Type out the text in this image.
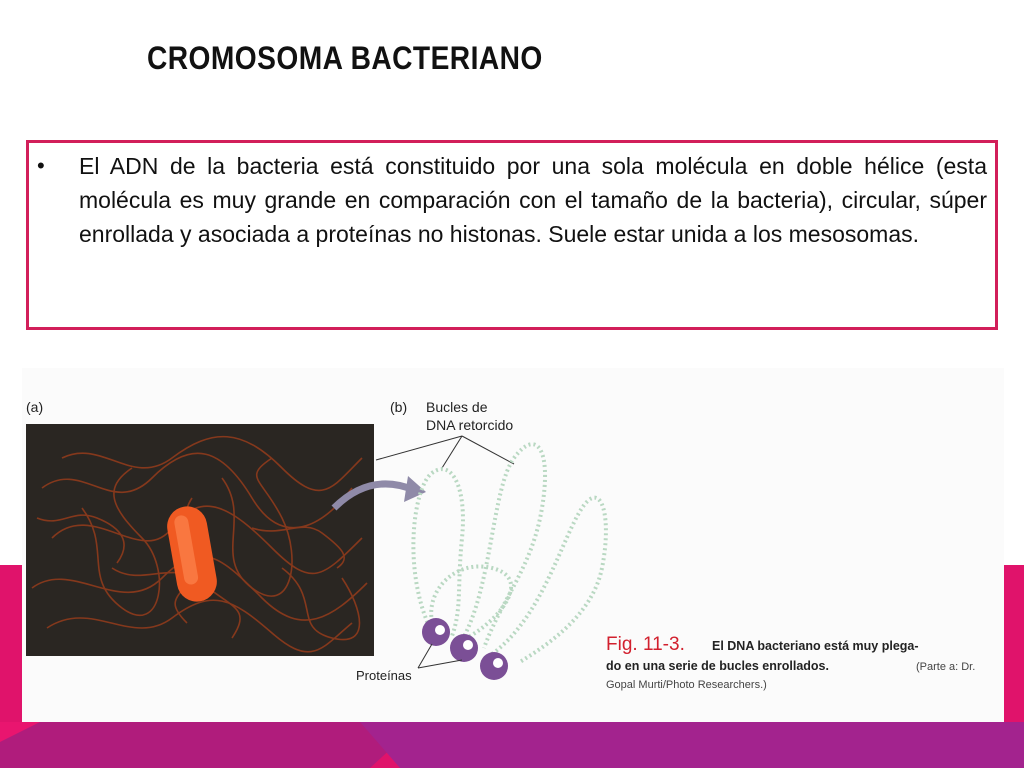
CROMOSOMA BACTERIANO
• El ADN de la bacteria está constituido por una sola molécula en doble hélice (esta molécula es muy grande en comparación con el tamaño de la bacteria), circular, súper enrollada y asociada a proteínas no histonas. Suele estar unida a los mesosomas.

(a)	(b) Bucles de
DNA retorcido
Proteínas
Fig. 11-3. El DNA bacteriano está muy plega-
do en una serie de bucles enrollados.	(Parte a: Dr.
Gopal Murti/Photo Researchers.)
